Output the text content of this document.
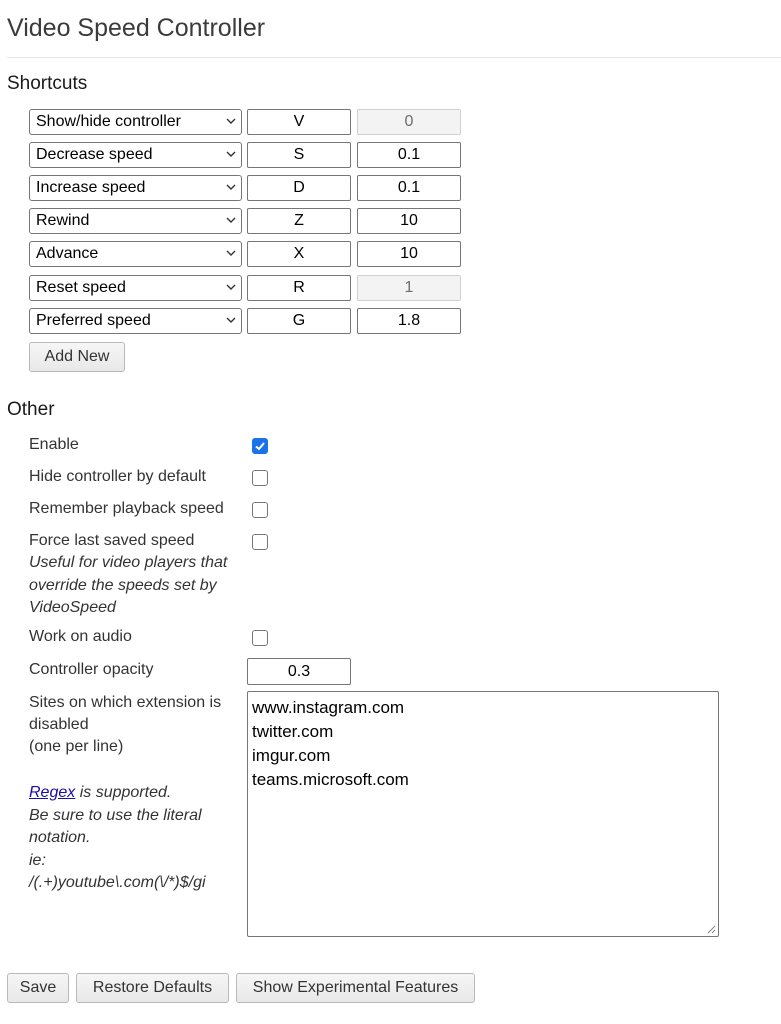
Video Speed Controller
Shortcuts
Show/hide controller	V	0
Decrease speed	S	0.1
Increase speed	D	0.1
Rewind	Z	10
Advance	X	10
Reset speed	R	1
Preferred speed	G	1.8
Add New
Other
Enable
Hide controller by default
Remember playback speed
Force last saved speed
Useful for video players that
override the speeds set by
VideoSpeed
Work on audio
Controller opacity	0.3
Sites on which extension is
disabled
(one per line)
Regex is supported.
Be sure to use the literal
notation.
ie:
/(.+)youtube\.com(\/*)$/gi
www.instagram.com
twitter.com
imgur.com
teams.microsoft.com
Save	Restore Defaults	Show Experimental Features
